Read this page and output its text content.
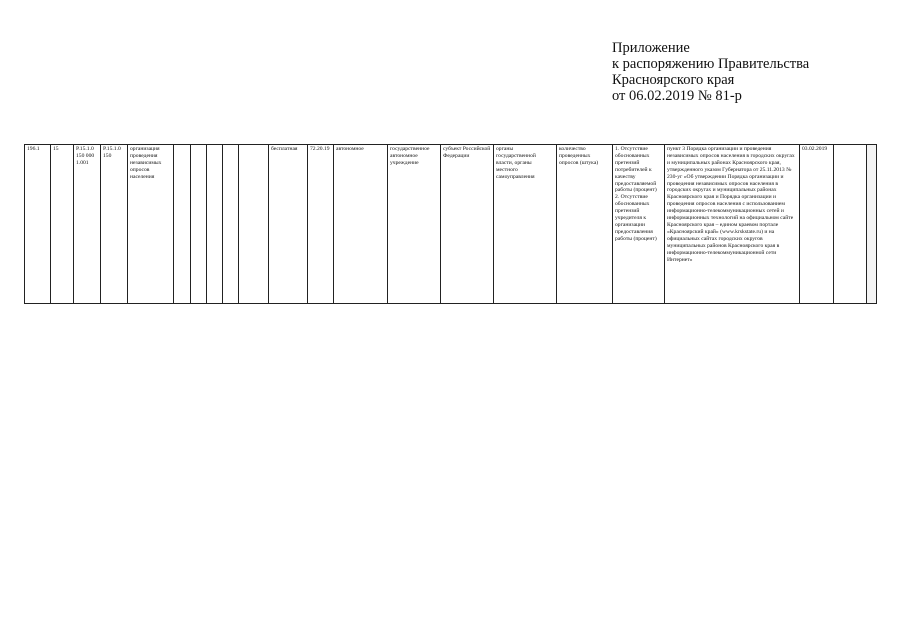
Приложение
к распоряжению Правительства
Красноярского края
от 06.02.2019 № 81-р
196.1	15	Р.15.1.0 150 000 1.001	Р.15.1.0 150	организация проведения независимых опросов населения						бесплатная	72.20.19	автономное	государственное автономное учреждение	субъект Российской Федерации	органы государственной власти, органы местного самоуправления	количество проведенных опросов (штука)	1. Отсутствие обоснованных претензий потребителей к качеству предоставляемой работы (процент) 2. Отсутствие обоснованных претензий учредителя к организации предоставления работы (процент)	пункт 3 Порядка организации и проведения независимых опросов населения в городских округах и муниципальных районах Красноярского края, утвержденного указом Губернатора от 25.11.2013 № 230-уг «Об утверждении Порядка организации и проведения независимых опросов населения в городских округах и муниципальных районах Красноярского края и Порядка организации и проведения опросов населения с использованием информационно-телекоммуникационных сетей и информационных технологий на официальном сайте Красноярского края – едином краевом портале «Красноярский край» (www.krskstate.ru) и на официальных сайтах городских округов муниципальных районов Красноярского края в информационно-телекоммуникационной сети Интернет»	03.02.2019		
